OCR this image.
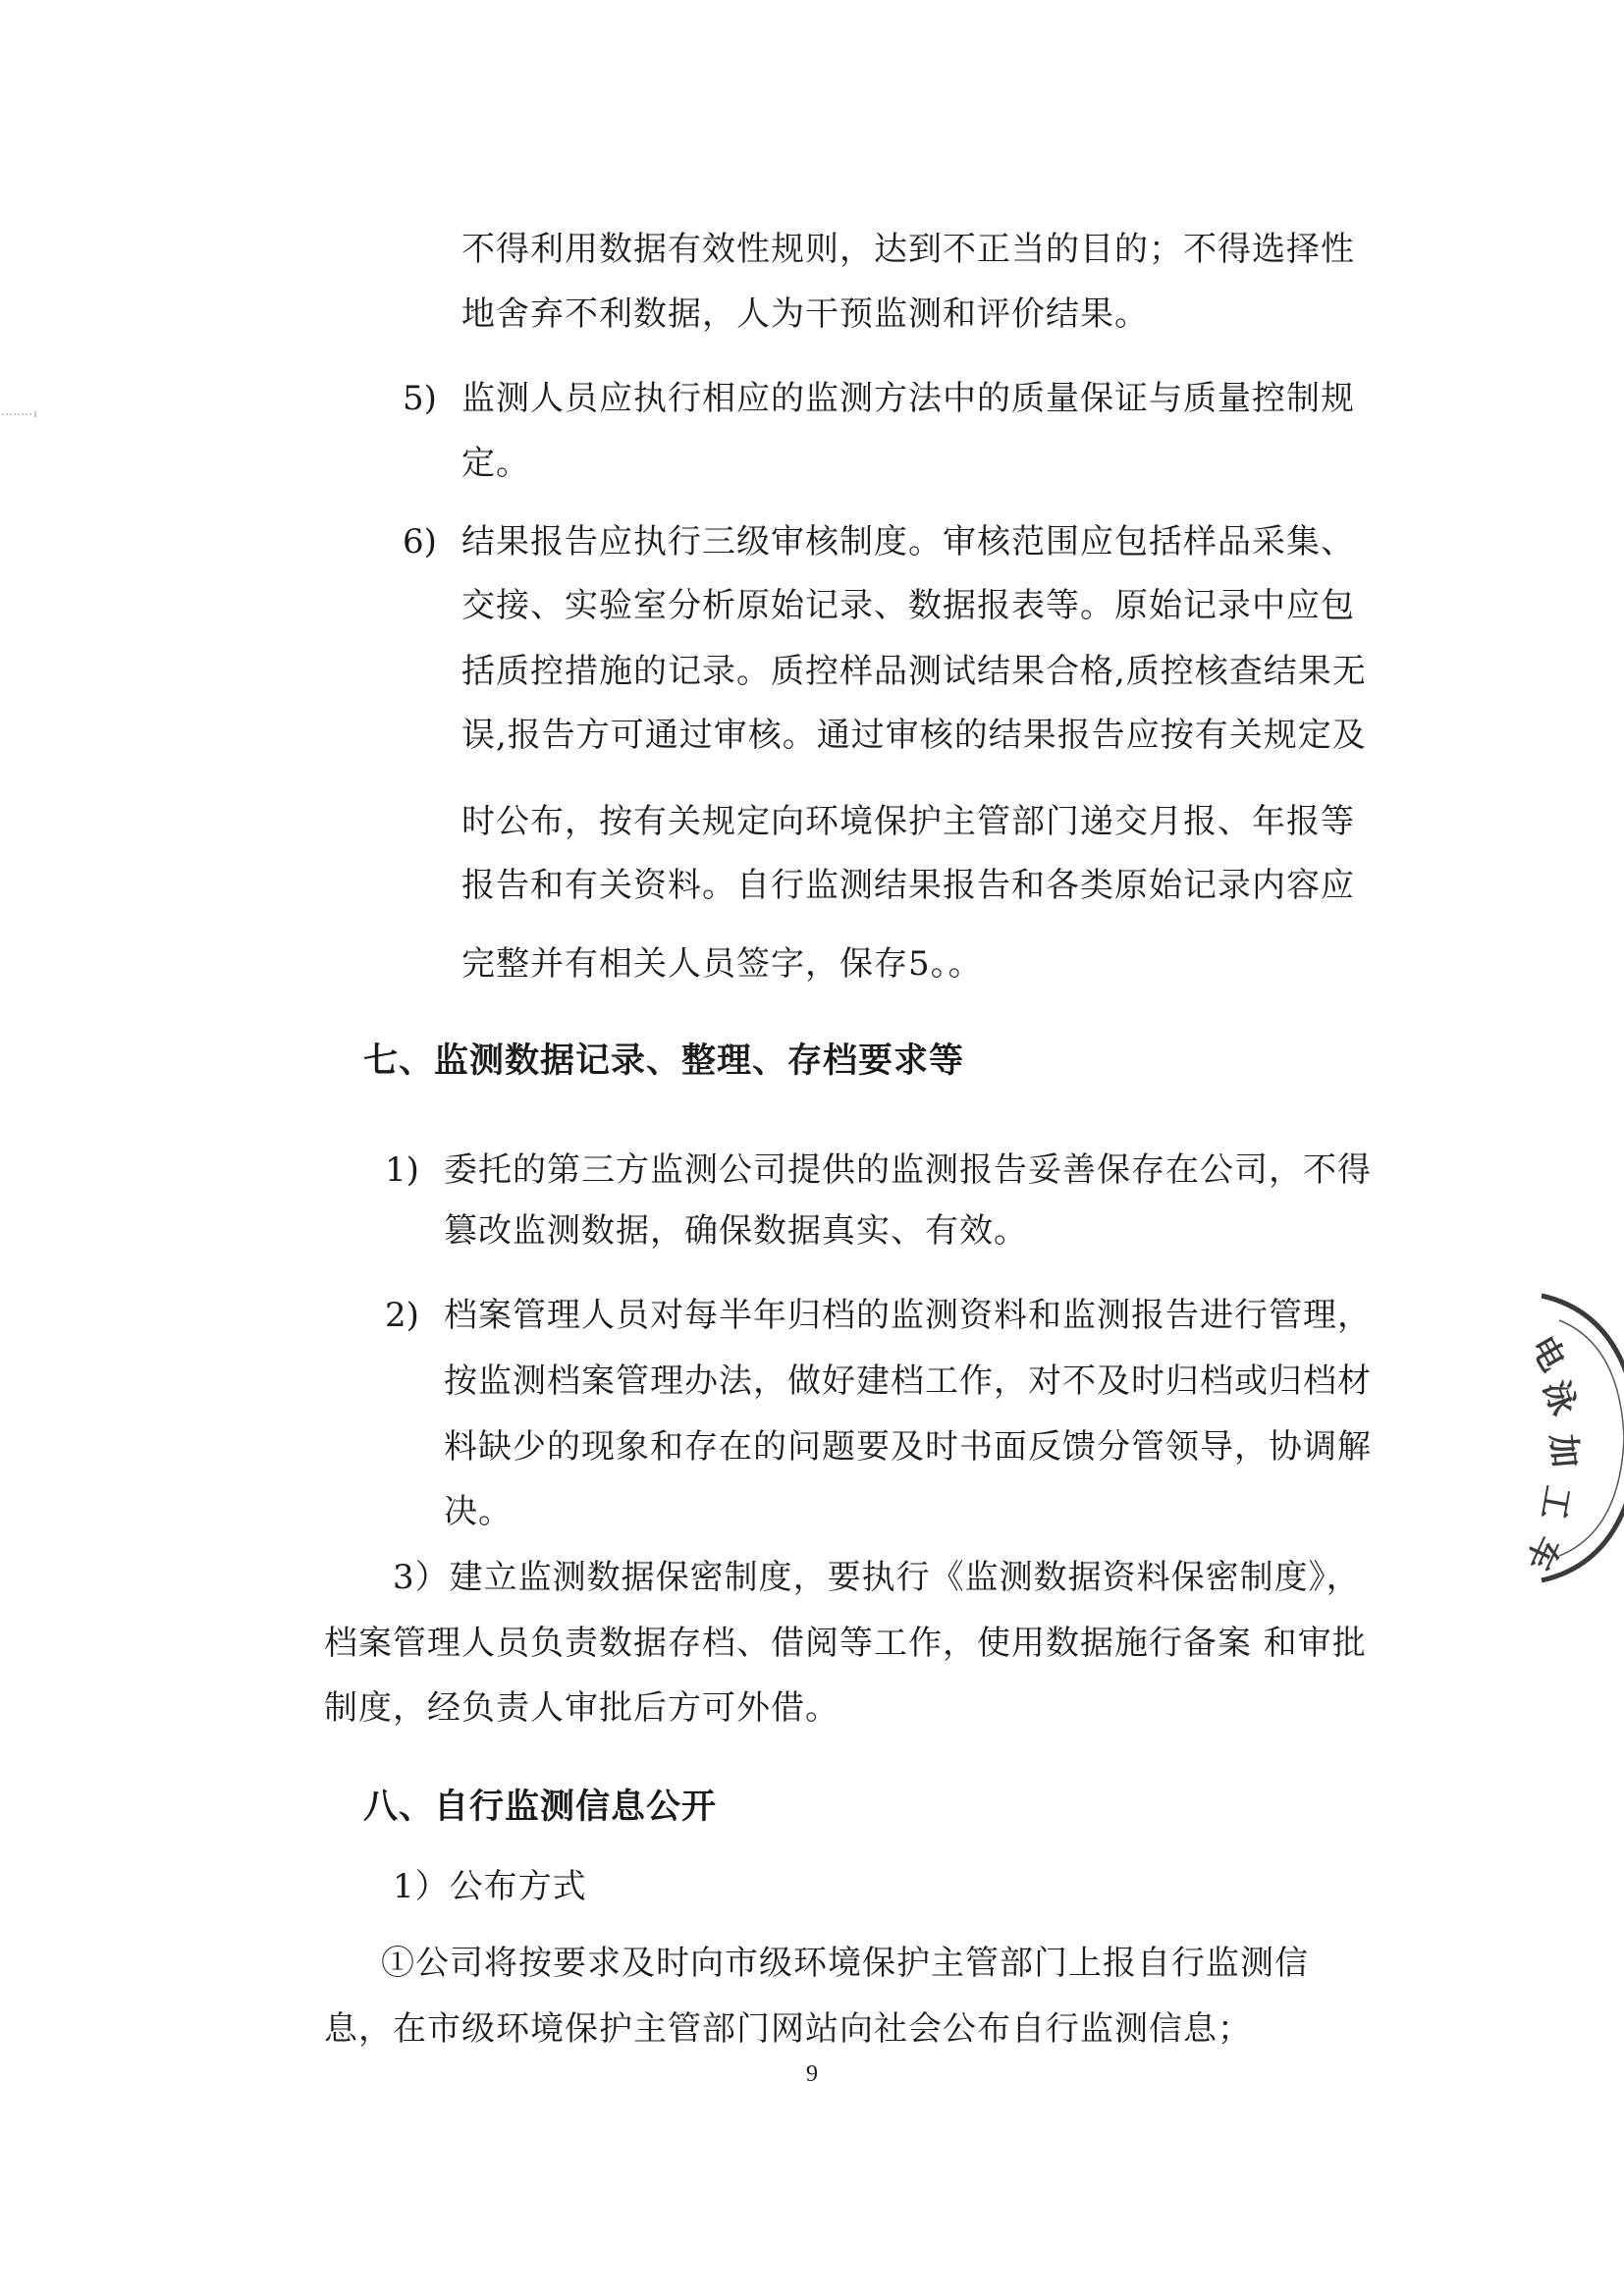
不得利用数据有效性规则，达到不正当的目的；不得选择性

地舍弃不利数据，人为干预监测和评价结果。

5) 监测人员应执行相应的监测方法中的质量保证与质量控制规

定。

6) 结果报告应执行三级审核制度。审核范围应包括样品采集、

交接、实验室分析原始记录、数据报表等。原始记录中应包

括质控措施的记录。质控样品测试结果合格,质控核查结果无

误,报告方可通过审核。通过审核的结果报告应按有关规定及

时公布，按有关规定向环境保护主管部门递交月报、年报等

报告和有关资料。自行监测结果报告和各类原始记录内容应

完整并有相关人员签字，保存5。。

七、监测数据记录、整理、存档要求等

1) 委托的第三方监测公司提供的监测报告妥善保存在公司，不得

篡改监测数据，确保数据真实、有效。

2) 档案管理人员对每半年归档的监测资料和监测报告进行管理，

按监测档案管理办法，做好建档工作，对不及时归档或归档材

料缺少的现象和存在的问题要及时书面反馈分管领导，协调解

决。

3）建立监测数据保密制度，要执行《监测数据资料保密制度》，

档案管理人员负责数据存档、借阅等工作，使用数据施行备案 和审批

制度，经负责人审批后方可外借。

八、自行监测信息公开

1）公布方式

①公司将按要求及时向市级环境保护主管部门上报自行监测信

息，在市级环境保护主管部门网站向社会公布自行监测信息；

9
电
泳
加
工
车
